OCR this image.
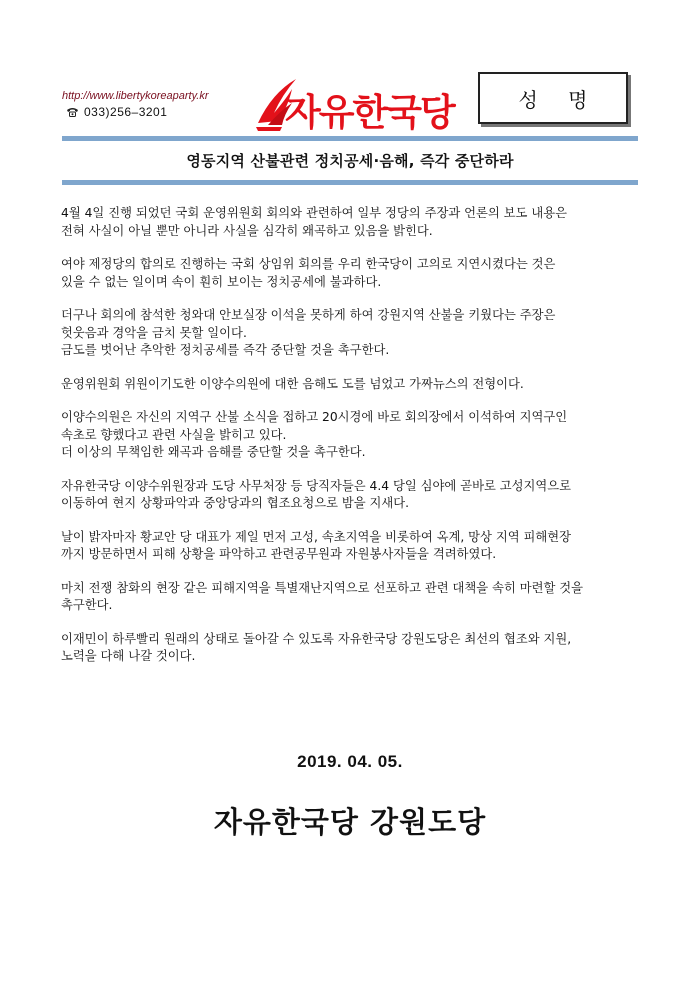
http://www.libertykoreaparty.kr
033)256–3201	자유한국당	성 명
영동지역 산불관련 정치공세·음해, 즉각 중단하라

4월 4일 진행 되었던 국회 운영위원회 회의와 관련하여 일부 정당의 주장과 언론의 보도 내용은
전혀 사실이 아닐 뿐만 아니라 사실을 심각히 왜곡하고 있음을 밝힌다.

여야 제정당의 합의로 진행하는 국회 상임위 회의를 우리 한국당이 고의로 지연시켰다는 것은
있을 수 없는 일이며 속이 훤히 보이는 정치공세에 불과하다.

더구나 회의에 참석한 청와대 안보실장 이석을 못하게 하여 강원지역 산불을 키웠다는 주장은
헛웃음과 경악을 금치 못할 일이다.
금도를 벗어난 추악한 정치공세를 즉각 중단할 것을 촉구한다.

운영위원회 위원이기도한 이양수의원에 대한 음해도 도를 넘었고 가짜뉴스의 전형이다.

이양수의원은 자신의 지역구 산불 소식을 접하고 20시경에 바로 회의장에서 이석하여 지역구인
속초로 향했다고 관련 사실을 밝히고 있다.
더 이상의 무책임한 왜곡과 음해를 중단할 것을 촉구한다.

자유한국당 이양수위원장과 도당 사무처장 등 당직자들은 4.4 당일 심야에 곧바로 고성지역으로
이동하여 현지 상황파악과 중앙당과의 협조요청으로 밤을 지새다.

날이 밝자마자 황교안 당 대표가 제일 먼저 고성, 속초지역을 비롯하여 옥계, 망상 지역 피해현장
까지 방문하면서 피해 상황을 파악하고 관련공무원과 자원봉사자들을 격려하였다.

마치 전쟁 참화의 현장 같은 피해지역을 특별재난지역으로 선포하고 관련 대책을 속히 마련할 것을
촉구한다.

이재민이 하루빨리 원래의 상태로 돌아갈 수 있도록 자유한국당 강원도당은 최선의 협조와 지원,
노력을 다해 나갈 것이다.

2019. 04. 05.
자유한국당 강원도당
